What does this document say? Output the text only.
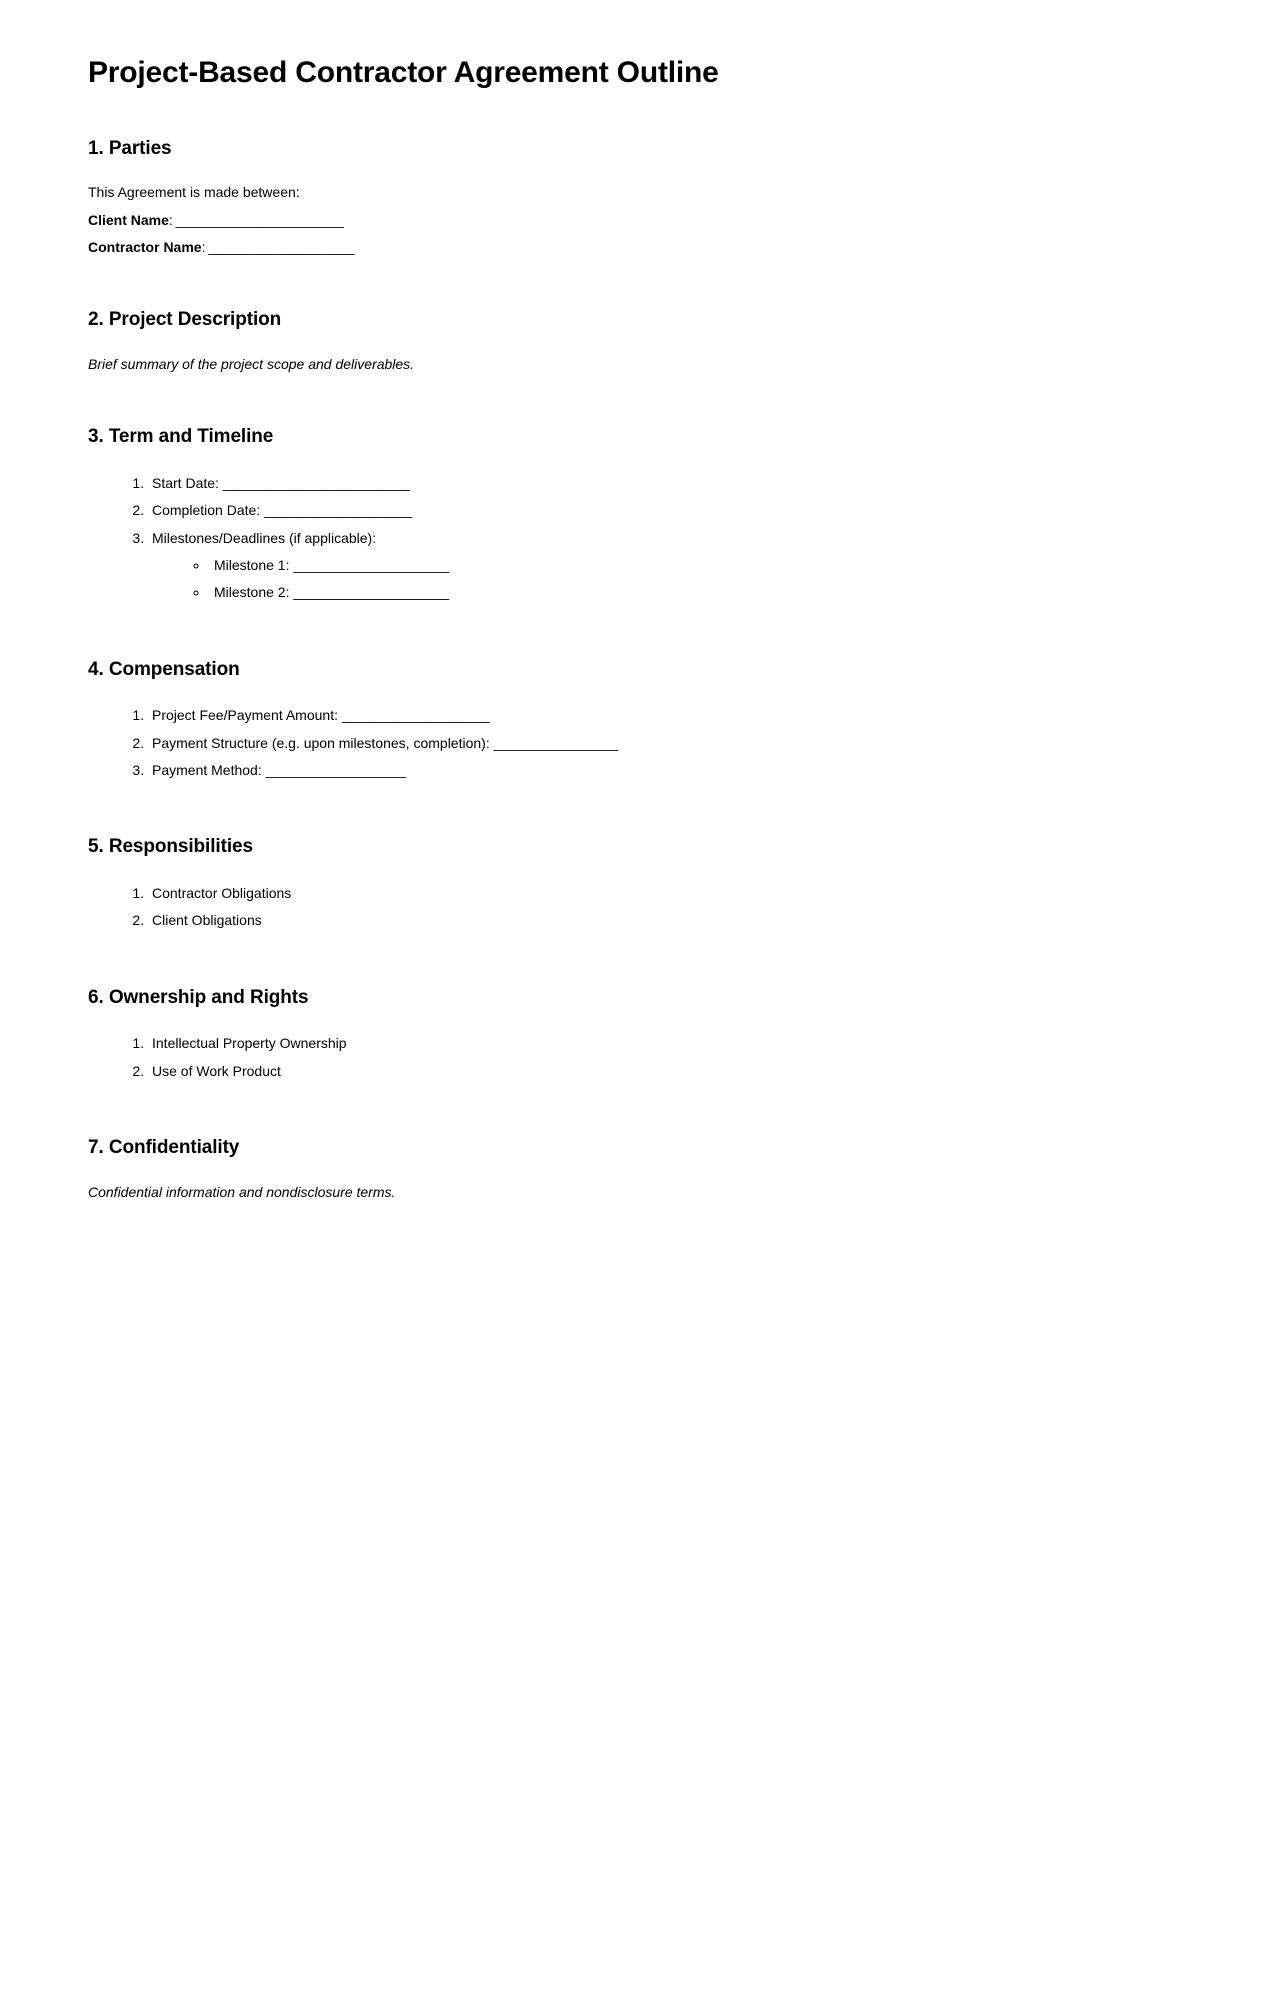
Project-Based Contractor Agreement Outline
1. Parties

This Agreement is made between:

Client Name: _______________________

Contractor Name: ____________________

2. Project Description

Brief summary of the project scope and deliverables.

3. Term and Timeline
1. Start Date: ________________________
2. Completion Date: ___________________
3. Milestones/Deadlines (if applicable):
◦ Milestone 1: ____________________
◦ Milestone 2: ____________________
4. Compensation
1. Project Fee/Payment Amount: ___________________
2. Payment Structure (e.g. upon milestones, completion): ________________
3. Payment Method: __________________
5. Responsibilities
1. Contractor Obligations
2. Client Obligations
6. Ownership and Rights
1. Intellectual Property Ownership
2. Use of Work Product
7. Confidentiality

Confidential information and nondisclosure terms.
